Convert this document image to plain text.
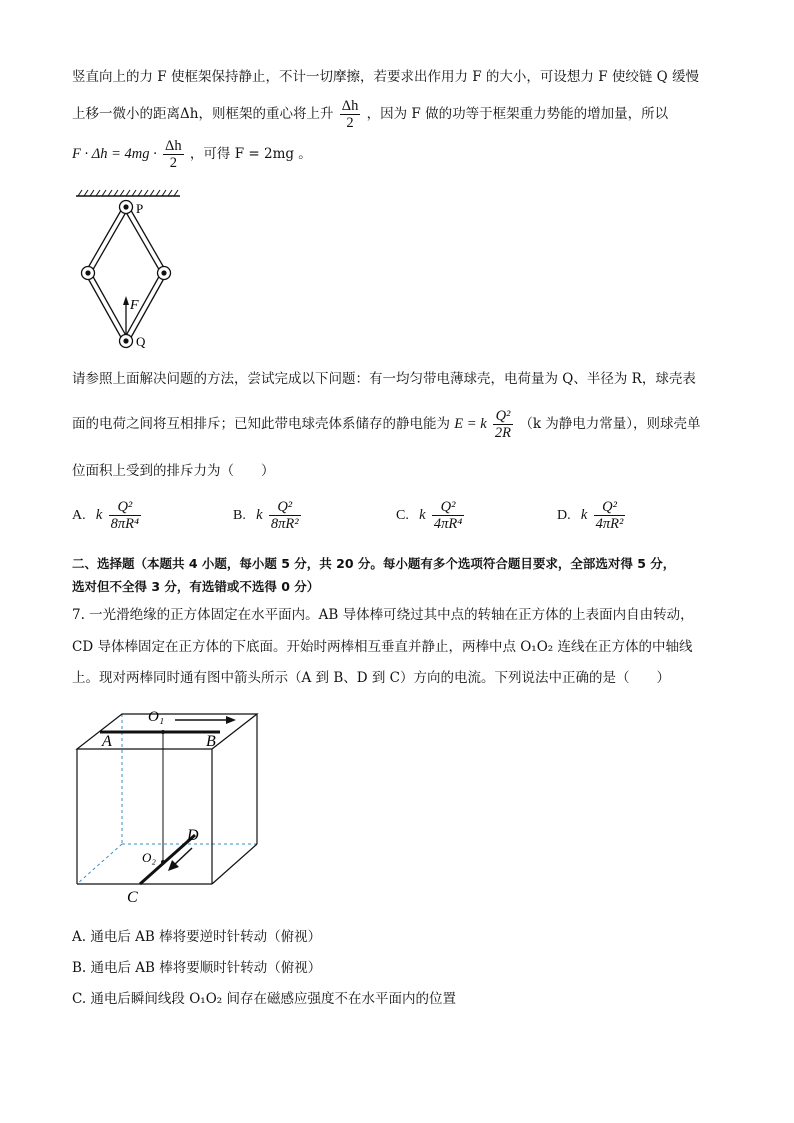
竖直向上的力 F 使框架保持静止，不计一切摩擦，若要求出作用力 F 的大小，可设想力 F 使绞链 Q 缓慢
上移一微小的距离Δh，则框架的重心将上升 $\frac{\Delta h}{2}$ ，因为 F 做的功等于框架重力势能的增加量，所以
$F \cdot \Delta h = 4mg \cdot \frac{\Delta h}{2}$ ，可得 F = 2mg 。
P
F
Q
请参照上面解决问题的方法，尝试完成以下问题：有一均匀带电薄球壳，电荷量为 Q、半径为 R，球壳表
面的电荷之间将互相排斥；已知此带电球壳体系储存的静电能为 E = k $\frac{\text{Q²}}{2R} (k$ 为静电力常量），则球壳单
位面积上受到的排斥力为（　　）
A. k $\frac{\text{Q²}}{\text{8πR⁴}}$	B. k $\frac{\text{Q²}}{\text{8πR²}}$	C. k $\frac{\text{Q²}}{\text{4πR⁴}}$	D. k $\frac{\text{Q²}}{\text{4πR²}}$
二、选择题（本题共 4 小题，每小题 5 分，共 20 分。每小题有多个选项符合题目要求，全部选对得 5 分，
选对但不全得 3 分，有选错或不选得 0 分）
7. 一光滑绝缘的正方体固定在水平面内。AB 导体棒可绕过其中点的转轴在正方体的上表面内自由转动，
CD 导体棒固定在正方体的下底面。开始时两棒相互垂直并静止，两棒中点 O₁O₂ 连线在正方体的中轴线
上。现对两棒同时通有图中箭头所示（A 到 B、D 到 C）方向的电流。下列说法中正确的是（　　）
O₁
A	B
O₂
D
C
A. 通电后 AB 棒将要逆时针转动（俯视）
B. 通电后 AB 棒将要顺时针转动（俯视）
C. 通电后瞬间线段 O₁O₂ 间存在磁感应强度不在水平面内的位置
